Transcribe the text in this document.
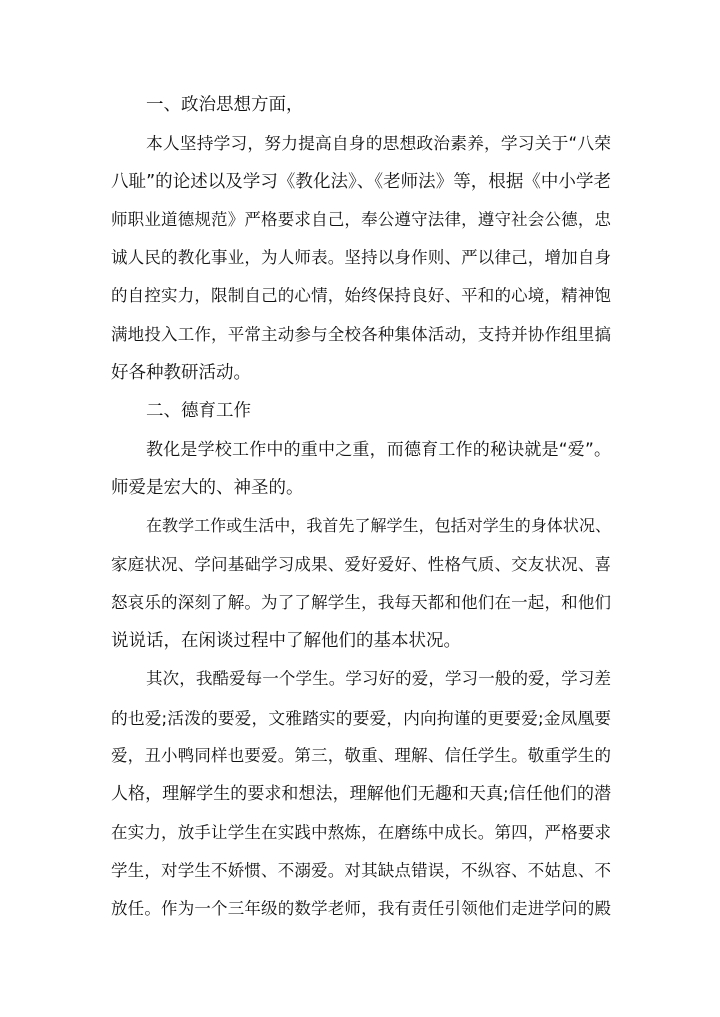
一、政治思想方面，
本人坚持学习，努力提高自身的思想政治素养，学习关于“八荣
八耻”的论述以及学习《教化法》、《老师法》等，根据《中小学老
师职业道德规范》严格要求自己，奉公遵守法律，遵守社会公德，忠
诚人民的教化事业，为人师表。坚持以身作则、严以律己，增加自身
的自控实力，限制自己的心情，始终保持良好、平和的心境，精神饱
满地投入工作，平常主动参与全校各种集体活动，支持并协作组里搞
好各种教研活动。
二、德育工作
教化是学校工作中的重中之重，而德育工作的秘诀就是“爱”。
师爱是宏大的、神圣的。
在教学工作或生活中，我首先了解学生，包括对学生的身体状况、
家庭状况、学问基础学习成果、爱好爱好、性格气质、交友状况、喜
怒哀乐的深刻了解。为了了解学生，我每天都和他们在一起，和他们
说说话，在闲谈过程中了解他们的基本状况。
其次，我酷爱每一个学生。学习好的爱，学习一般的爱，学习差
的也爱;活泼的要爱，文雅踏实的要爱，内向拘谨的更要爱;金凤凰要
爱，丑小鸭同样也要爱。第三，敬重、理解、信任学生。敬重学生的
人格，理解学生的要求和想法，理解他们无趣和天真;信任他们的潜
在实力，放手让学生在实践中熬炼，在磨练中成长。第四，严格要求
学生，对学生不娇惯、不溺爱。对其缺点错误，不纵容、不姑息、不
放任。作为一个三年级的数学老师，我有责任引领他们走进学问的殿
